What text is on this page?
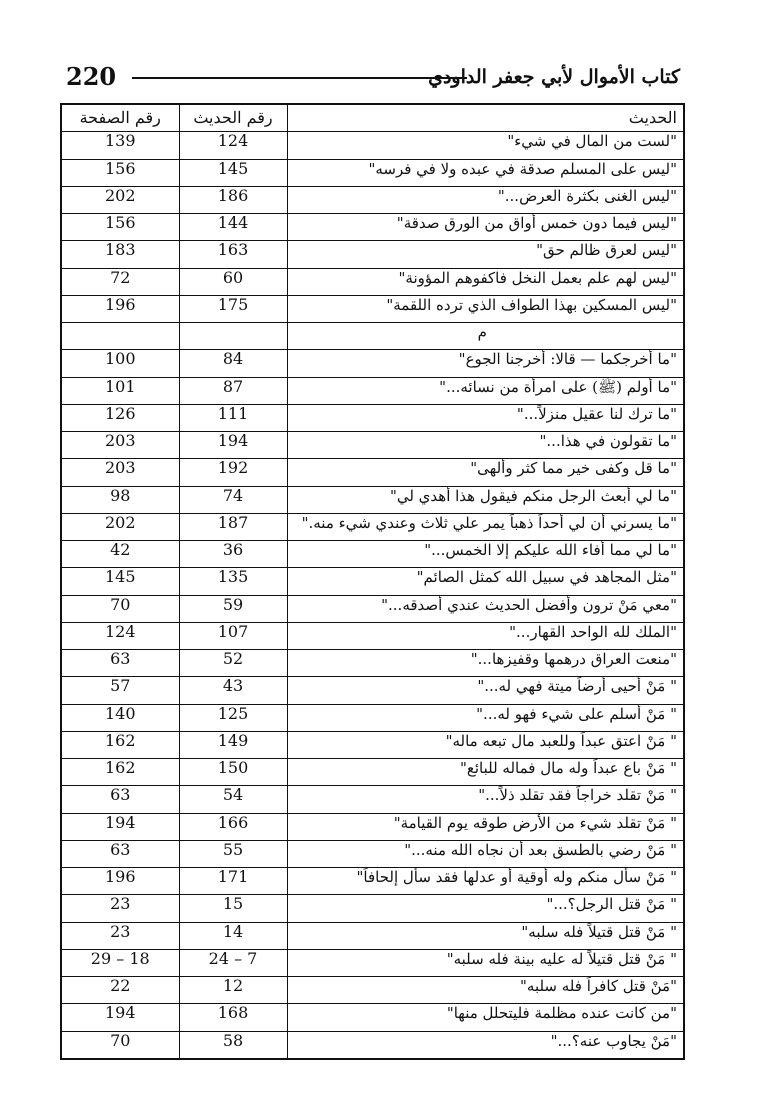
220	كتاب الأموال لأبي جعفر الداودي
رقم الصفحة	رقم الحديث	الحديث
139	124	"لست من المال في شيء"
156	145	"ليس على المسلم صدقة في عبده ولا في فرسه"
202	186	"ليس الغنى بكثرة العرض..."
156	144	"ليس فيما دون خمس أواق من الورق صدقة"
183	163	"ليس لعرق ظالم حق"
72	60	"ليس لهم علم بعمل النخل فاكفوهم المؤونة"
196	175	"ليس المسكين بهذا الطواف الذي ترده اللقمة"
		م
100	84	"ما أخرجكما — قالا: أخرجنا الجوع"
101	87	"ما أولم (ﷺ) على امرأة من نسائه..."
126	111	"ما ترك لنا عقيل منزلاً..."
203	194	"ما تقولون في هذا..."
203	192	"ما قل وكفى خير مما كثر وألهى"
98	74	"ما لي أبعث الرجل منكم فيقول هذا أهدي لي"
202	187	"ما يسرني أن لي أحداً ذهباً يمر علي ثلاث وعندي شيء منه."
42	36	"ما لي مما أفاء الله عليكم إلا الخمس..."
145	135	"مثل المجاهد في سبيل الله كمثل الصائم"
70	59	"معي مَنْ ترون وأفضل الحديث عندي أصدقه..."
124	107	"الملك لله الواحد القهار..."
63	52	"منعت العراق درهمها وقفيزها..."
57	43	" مَنْ أحيى أرضاً ميتة فهي له..."
140	125	" مَنْ أسلم على شيء فهو له..."
162	149	" مَنْ اعتق عبداً وللعبد مال تبعه ماله"
162	150	" مَنْ باع عبداً وله مال فماله للبائع"
63	54	" مَنْ تقلد خراجاً فقد تقلد ذلاً..."
194	166	" مَنْ تقلد شيء من الأرض طوقه يوم القيامة"
63	55	" مَنْ رضي بالطسق بعد أن نجاه الله منه..."
196	171	" مَنْ سأل منكم وله أوقية أو عدلها فقد سأل إلحافاً"
23	15	" مَنْ قتل الرجل؟..."
23	14	" مَنْ قتل قتيلاً فله سلبه"
29 – 18	24 – 7	" مَنْ قتل قتيلاً له عليه بينة فله سلبه"
22	12	"مَنْ قتل كافراً فله سلبه"
194	168	"من كانت عنده مظلمة فليتحلل منها"
70	58	"مَنْ يجاوب عنه؟..."
